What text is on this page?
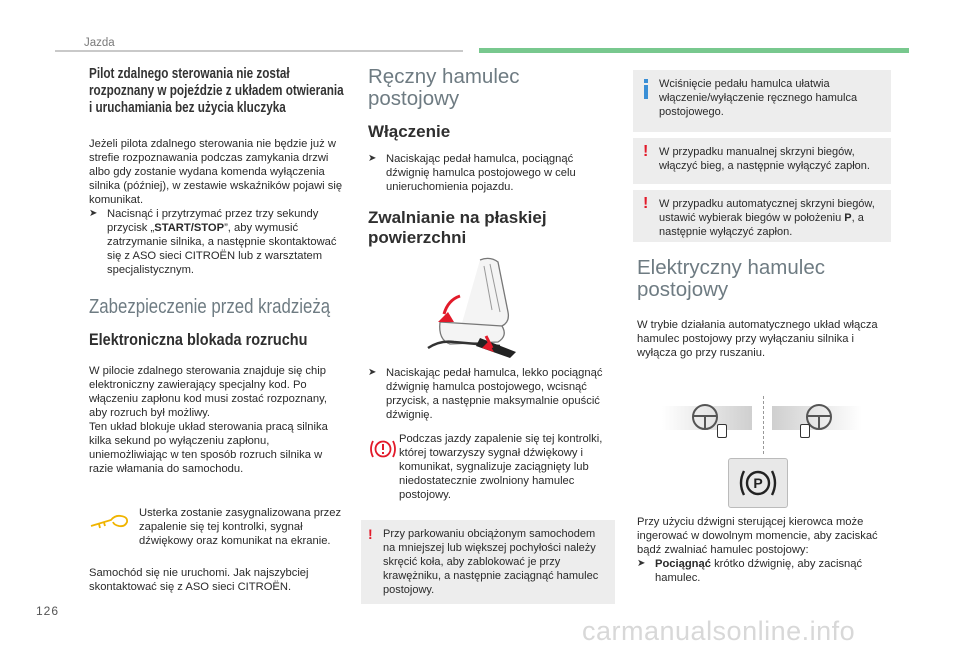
Jazda
Pilot zdalnego sterowania nie został rozpoznany w pojeździe z układem otwierania i uruchamiania bez użycia kluczyka
Jeżeli pilota zdalnego sterowania nie będzie już w strefie rozpoznawania podczas zamykania drzwi albo gdy zostanie wydana komenda wyłączenia silnika (później), w zestawie wskaźników pojawi się komunikat.
➤ Nacisnąć i przytrzymać przez trzy sekundy przycisk „START/STOP”, aby wymusić zatrzymanie silnika, a następnie skontaktować się z ASO sieci CITROËN lub z warsztatem specjalistycznym.
Zabezpieczenie przed kradzieżą
Elektroniczna blokada rozruchu
W pilocie zdalnego sterowania znajduje się chip elektroniczny zawierający specjalny kod. Po włączeniu zapłonu kod musi zostać rozpoznany, aby rozruch był możliwy.
Ten układ blokuje układ sterowania pracą silnika kilka sekund po wyłączeniu zapłonu, uniemożliwiając w ten sposób rozruch silnika w razie włamania do samochodu.
Usterka zostanie zasygnalizowana przez zapalenie się tej kontrolki, sygnał dźwiękowy oraz komunikat na ekranie.
Samochód się nie uruchomi. Jak najszybciej skontaktować się z ASO sieci CITROËN.
Ręczny hamulec postojowy
Włączenie
➤ Naciskając pedał hamulca, pociągnąć dźwignię hamulca postojowego w celu unieruchomienia pojazdu.
Zwalnianie na płaskiej powierzchni
➤ Naciskając pedał hamulca, lekko pociągnąć dźwignię hamulca postojowego, wcisnąć przycisk, a następnie maksymalnie opuścić dźwignię.
Podczas jazdy zapalenie się tej kontrolki, której towarzyszy sygnał dźwiękowy i komunikat, sygnalizuje zaciągnięty lub niedostatecznie zwolniony hamulec postojowy.
! Przy parkowaniu obciążonym samochodem na mniejszej lub większej pochyłości należy skręcić koła, aby zablokować je przy krawężniku, a następnie zaciągnąć hamulec postojowy.
Wciśnięcie pedału hamulca ułatwia włączenie/wyłączenie ręcznego hamulca postojowego.
! W przypadku manualnej skrzyni biegów, włączyć bieg, a następnie wyłączyć zapłon.
! W przypadku automatycznej skrzyni biegów, ustawić wybierak biegów w położeniu P, a następnie wyłączyć zapłon.
Elektryczny hamulec postojowy
W trybie działania automatycznego układ włącza hamulec postojowy przy wyłączaniu silnika i wyłącza go przy ruszaniu.
P
Przy użyciu dźwigni sterującej kierowca może ingerować w dowolnym momencie, aby zaciskać bądź zwalniać hamulec postojowy:
➤ Pociągnąć krótko dźwignię, aby zacisnąć hamulec.
126
carmanualsonline.info
